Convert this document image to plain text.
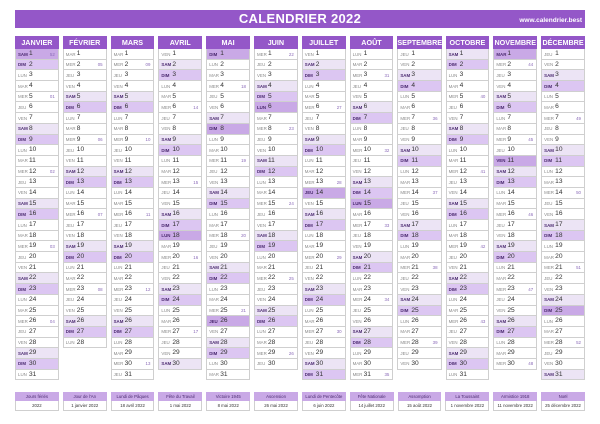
CALENDRIER 2022	www.calendrier.best
JANVIER
SAM 1	52
DIM 2
LUN 3
MAR 4
MER 5	01
JEU 6
VEN 7
SAM 8
DIM 9
LUN 10
MAR 11
MER 12	02
JEU 13
VEN 14
SAM 15
DIM 16
LUN 17
MAR 18
MER 19	03
JEU 20
VEN 21
SAM 22
DIM 23
LUN 24
MAR 25
MER 26	04
JEU 27
VEN 28
SAM 29
DIM 30
LUN 31
FÉVRIER
MAR 1
MER 2	05
JEU 3
VEN 4
SAM 5
DIM 6
LUN 7
MAR 8
MER 9	06
JEU 10
VEN 11
SAM 12
DIM 13
LUN 14
MAR 15
MER 16	07
JEU 17
VEN 18
SAM 19
DIM 20
LUN 21
MAR 22
MER 23	08
JEU 24
VEN 25
SAM 26
DIM 27
LUN 28
MARS
MAR 1
MER 2	09
JEU 3
VEN 4
SAM 5
DIM 6
LUN 7
MAR 8
MER 9	10
JEU 10
VEN 11
SAM 12
DIM 13
LUN 14
MAR 15
MER 16	11
JEU 17
VEN 18
SAM 19
DIM 20
LUN 21
MAR 22
MER 23	12
JEU 24
VEN 25
SAM 26
DIM 27
LUN 28
MAR 29
MER 30	13
JEU 31
AVRIL
VEN 1
SAM 2
DIM 3
LUN 4
MAR 5
MER 6	14
JEU 7
VEN 8
SAM 9
DIM 10
LUN 11
MAR 12
MER 13	15
JEU 14
VEN 15
SAM 16
DIM 17
LUN 18
MAR 19
MER 20	16
JEU 21
VEN 22
SAM 23
DIM 24
LUN 25
MAR 26
MER 27	17
JEU 28
VEN 29
SAM 30
MAI
DIM 1
LUN 2
MAR 3
MER 4	18
JEU 5
VEN 6
SAM 7
DIM 8
LUN 9
MAR 10
MER 11	19
JEU 12
VEN 13
SAM 14
DIM 15
LUN 16
MAR 17
MER 18	20
JEU 19
VEN 20
SAM 21
DIM 22
LUN 23
MAR 24
MER 25	21
JEU 26
VEN 27
SAM 28
DIM 29
LUN 30
MAR 31
JUIN
MER 1	22
JEU 2
VEN 3
SAM 4
DIM 5
LUN 6
MAR 7
MER 8	23
JEU 9
VEN 10
SAM 11
DIM 12
LUN 13
MAR 14
MER 15	24
JEU 16
VEN 17
SAM 18
DIM 19
LUN 20
MAR 21
MER 22	25
JEU 23
VEN 24
SAM 25
DIM 26
LUN 27
MAR 28
MER 29	26
JEU 30
JUILLET
VEN 1
SAM 2
DIM 3
LUN 4
MAR 5
MER 6	27
JEU 7
VEN 8
SAM 9
DIM 10
LUN 11
MAR 12
MER 13	28
JEU 14
VEN 15
SAM 16
DIM 17
LUN 18
MAR 19
MER 20	29
JEU 21
VEN 22
SAM 23
DIM 24
LUN 25
MAR 26
MER 27	30
JEU 28
VEN 29
SAM 30
DIM 31
AOÛT
LUN 1
MAR 2
MER 3	31
JEU 4
VEN 5
SAM 6
DIM 7
LUN 8
MAR 9
MER 10	32
JEU 11
VEN 12
SAM 13
DIM 14
LUN 15
MAR 16
MER 17	33
JEU 18
VEN 19
SAM 20
DIM 21
LUN 22
MAR 23
MER 24	34
JEU 25
VEN 26
SAM 27
DIM 28
LUN 29
MAR 30
MER 31	35
SEPTEMBRE
JEU 1
VEN 2
SAM 3
DIM 4
LUN 5
MAR 6
MER 7	36
JEU 8
VEN 9
SAM 10
DIM 11
LUN 12
MAR 13
MER 14	37
JEU 15
VEN 16
SAM 17
DIM 18
LUN 19
MAR 20
MER 21	38
JEU 22
VEN 23
SAM 24
DIM 25
LUN 26
MAR 27
MER 28	39
JEU 29
VEN 30
OCTOBRE
SAM 1
DIM 2
LUN 3
MAR 4
MER 5	40
JEU 6
VEN 7
SAM 8
DIM 9
LUN 10
MAR 11
MER 12	41
JEU 13
VEN 14
SAM 15
DIM 16
LUN 17
MAR 18
MER 19	42
JEU 20
VEN 21
SAM 22
DIM 23
LUN 24
MAR 25
MER 26	43
JEU 27
VEN 28
SAM 29
DIM 30
LUN 31
NOVEMBRE
MAR 1
MER 2	44
JEU 3
VEN 4
SAM 5
DIM 6
LUN 7
MAR 8
MER 9	45
JEU 10
VEN 11
SAM 12
DIM 13
LUN 14
MAR 15
MER 16	46
JEU 17
VEN 18
SAM 19
DIM 20
LUN 21
MAR 22
MER 23	47
JEU 24
VEN 25
SAM 26
DIM 27
LUN 28
MAR 29
MER 30	48
DÉCEMBRE
JEU 1
VEN 2
SAM 3
DIM 4
LUN 5
MAR 6
MER 7	49
JEU 8
VEN 9
SAM 10
DIM 11
LUN 12
MAR 13
MER 14	50
JEU 15
VEN 16
SAM 17
DIM 18
LUN 19
MAR 20
MER 21	51
JEU 22
VEN 23
SAM 24
DIM 25
LUN 26
MAR 27
MER 28	52
JEU 29
VEN 30
SAM 31
Jours fériés
2022
Jour de l'An
1 janvier 2022
Lundi de Pâques
18 avril 2022
Fête du Travail
1 mai 2022
Victoire 1945
8 mai 2022
Ascension
26 mai 2022
Lundi de Pentecôte
6 juin 2022
Fête Nationale
14 juillet 2022
Assomption
15 août 2022
La Toussaint
1 novembre 2022
Armistice 1918
11 novembre 2022
Noël
25 décembre 2022
